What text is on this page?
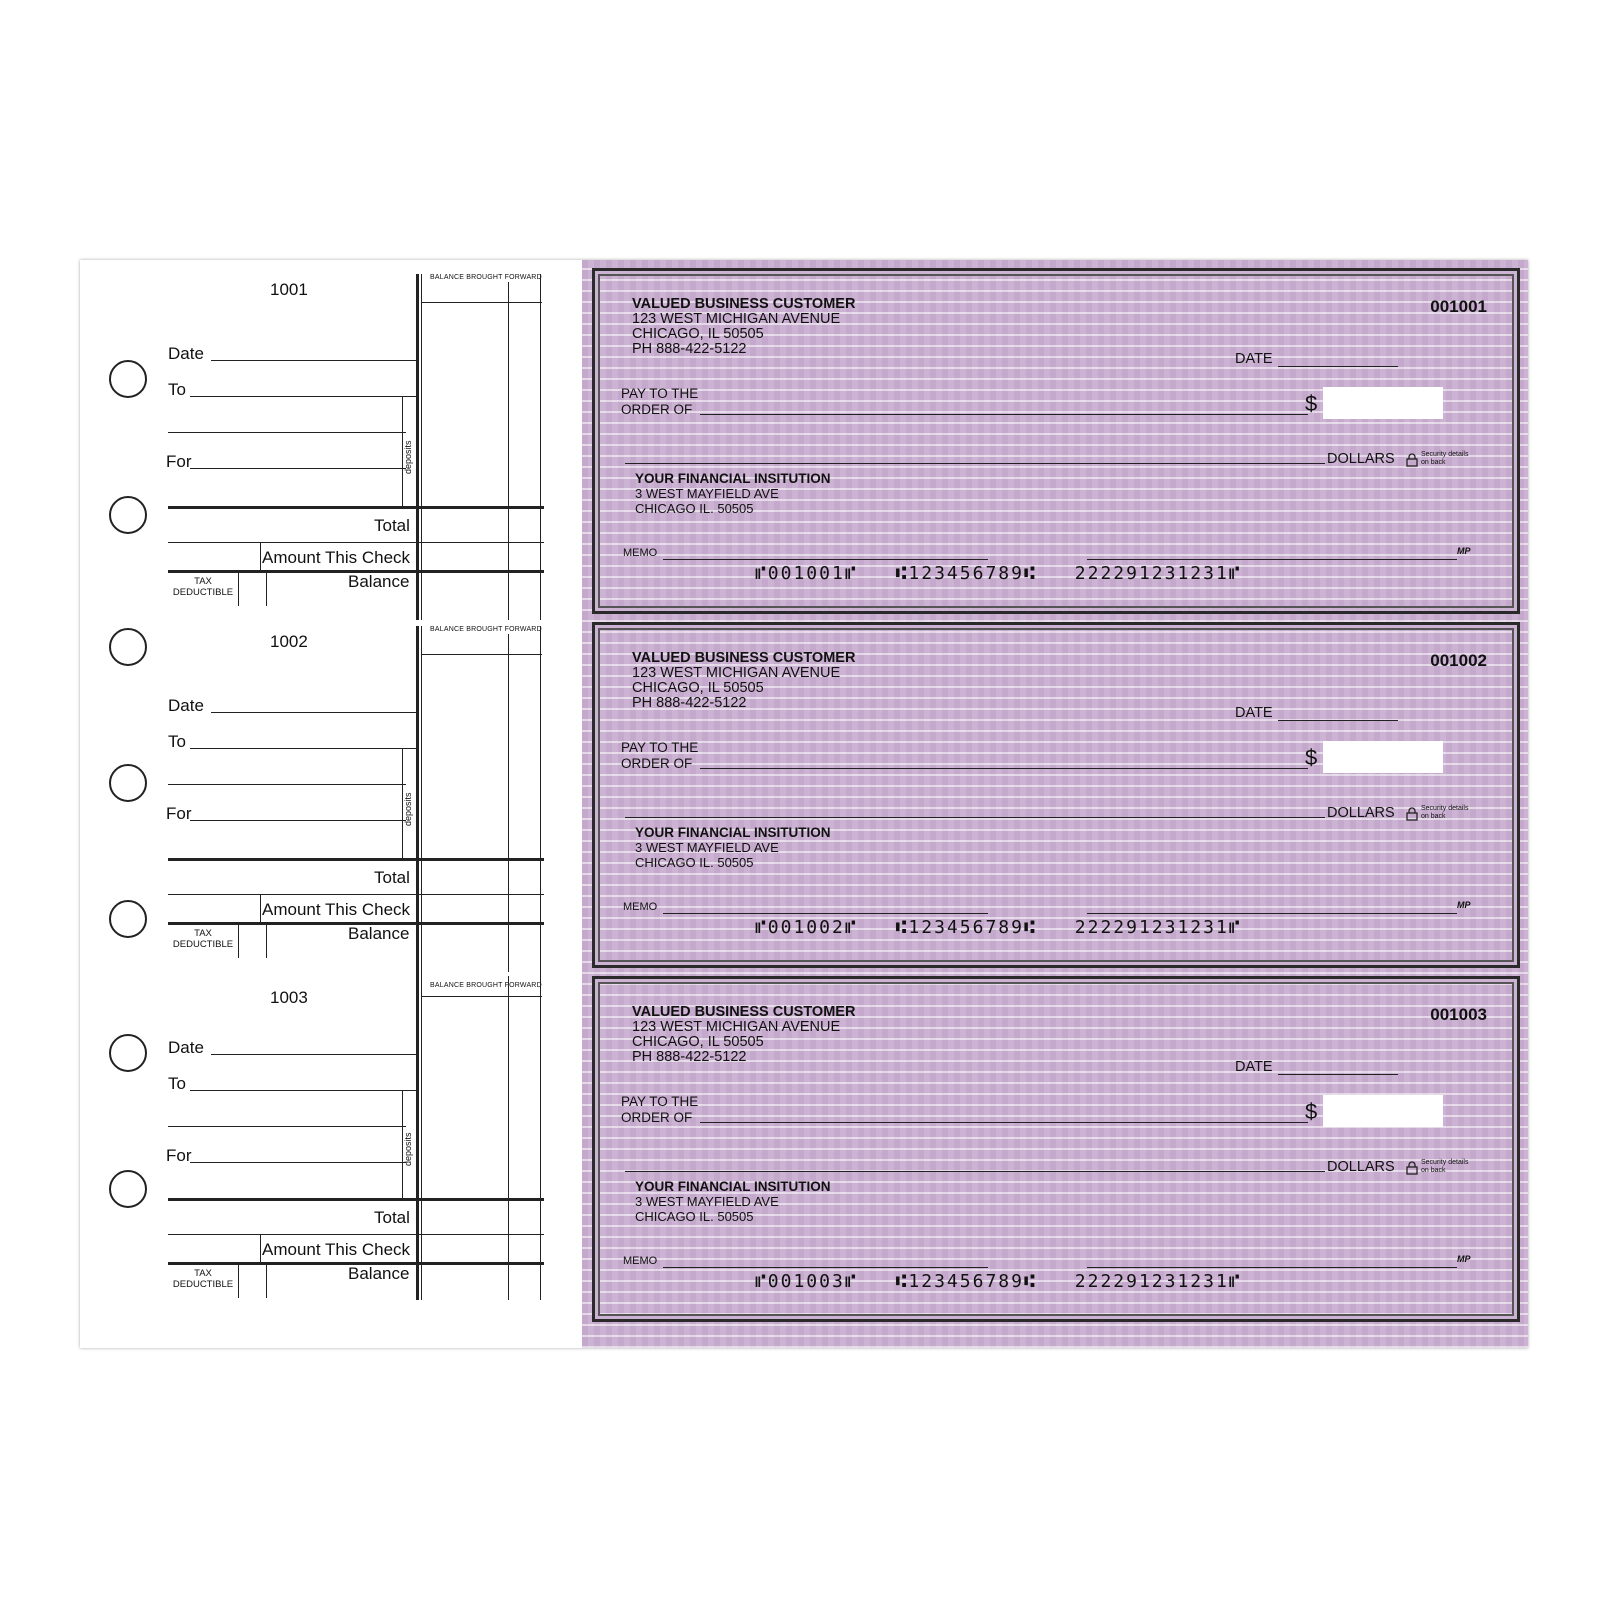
1001
BALANCE BROUGHT FORWARD
Date
To
For	deposits
Total
Amount This Check
TAX
DEDUCTIBLE
Balance
1002
BALANCE BROUGHT FORWARD
Date
To
For	deposits
Total
Amount This Check
TAX
DEDUCTIBLE
Balance
1003
BALANCE BROUGHT FORWARD
Date
To
For	deposits
Total
Amount This Check
TAX
DEDUCTIBLE
Balance
VALUED BUSINESS CUSTOMER
123 WEST MICHIGAN AVENUE
CHICAGO, IL 50505
PH 888-422-5122
001001
DATE
PAY TO THE
ORDER OF	$
DOLLARS	Security details
on back
YOUR FINANCIAL INSITUTION
3 WEST MAYFIELD AVE
CHICAGO IL. 50505
MEMO	MP
⑈001001⑈ ⑆123456789⑆ 222291231231⑈
VALUED BUSINESS CUSTOMER
123 WEST MICHIGAN AVENUE
CHICAGO, IL 50505
PH 888-422-5122
001002
DATE
PAY TO THE
ORDER OF	$
DOLLARS	Security details
on back
YOUR FINANCIAL INSITUTION
3 WEST MAYFIELD AVE
CHICAGO IL. 50505
MEMO	MP
⑈001002⑈ ⑆123456789⑆ 222291231231⑈
VALUED BUSINESS CUSTOMER
123 WEST MICHIGAN AVENUE
CHICAGO, IL 50505
PH 888-422-5122
001003
DATE
PAY TO THE
ORDER OF	$
DOLLARS	Security details
on back
YOUR FINANCIAL INSITUTION
3 WEST MAYFIELD AVE
CHICAGO IL. 50505
MEMO	MP
⑈001003⑈ ⑆123456789⑆ 222291231231⑈
